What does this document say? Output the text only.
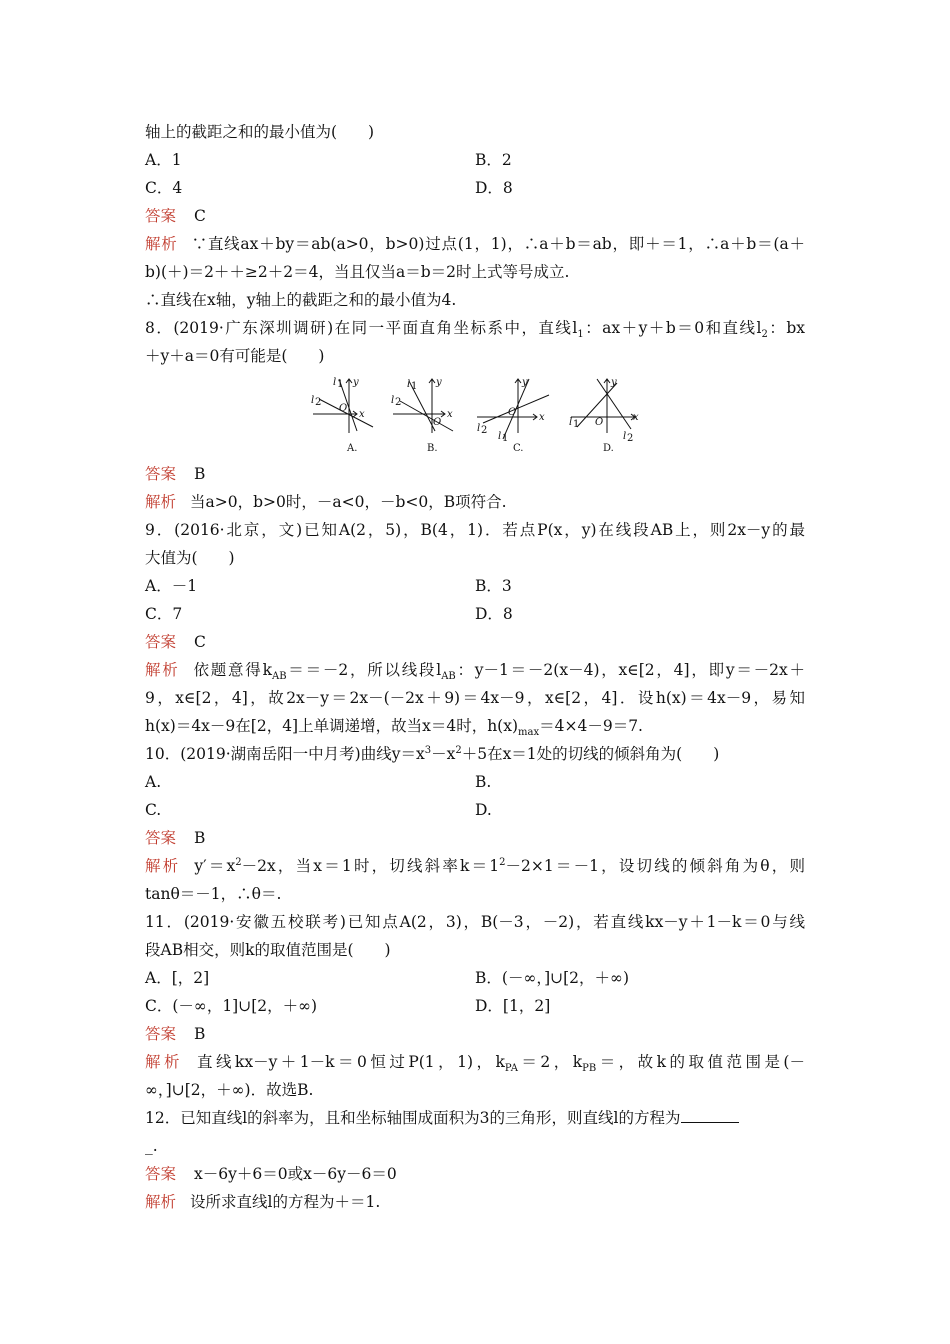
轴上的截距之和的最小值为(　　)
A．1	B．2
C．4	D．8
答案 C
解析 ∵直线ax＋by＝ab(a>0，b>0)过点(1，1)，∴a＋b＝ab，即＋＝1，∴a＋b＝(a＋
b)(＋)＝2＋＋≥2＋2＝4，当且仅当a＝b＝2时上式等号成立.
∴直线在x轴，y轴上的截距之和的最小值为4.
8．(2019·广东深圳调研)在同一平面直角坐标系中，直线$l_1$：ax＋y＋b＝0和直线$l_2$：bx
＋y＋a＝0有可能是(　　)
l 1 y
l 2
O
x
A.
l 1 y
l 2
O
x
B.
y
O x
l 2
l 1
C.
y
l 1 O	x
l 2
D.
答案 B
解析 当a>0，b>0时，－a<0，－b<0，B项符合.
9．(2016·北京，文)已知A(2，5)，B(4，1)．若点P(x，y)在线段AB上，则2x－y的最
大值为(　　)
A．－1	B．3
C．7	D．8
答案 C
解析 依题意得$k_{AB}==-2$，所以线段$l_{AB}$：y－1＝－2(x－4)，x∈[2，4]，即y＝－2x＋
9，x∈[2，4]，故2x－y＝2x－(－2x＋9)＝4x－9，x∈[2，4]．设h(x)＝4x－9，易知
h(x)＝4x－9在[2，4]上单调递增，故当x＝4时，$h(x)_{max}=4\times 4-9=7$.
10．(2019·湖南岳阳一中月考)曲线$y=x^3-x^2+5$在x＝1处的切线的倾斜角为(　　)
A.	B.
C.	D.
答案 B
解析 $y'=x^2-2x$，当x＝1时，切线斜率$k=1^2-2\times 1=-1$，设切线的倾斜角为θ，则
tanθ＝－1，∴θ＝.
11．(2019·安徽五校联考)已知点A(2，3)，B(－3，－2)，若直线kx－y＋1－k＝0与线
段AB相交，则k的取值范围是(　　)
A．[，2]	B．(－∞，]∪[2，＋∞)
C．(－∞，1]∪[2，＋∞)	D．[1，2]
答案 B
解析 直线kx－y＋1－k＝0恒过P(1，1)，$k_{PA}=2$，$k_{PB}=$，故k的取值范围是(－
∞，]∪[2，＋∞)．故选B.
12．已知直线l的斜率为，且和坐标轴围成面积为3的三角形，则直线l的方程为
_.
答案 x－6y＋6＝0或x－6y－6＝0
解析 设所求直线l的方程为＋＝1.
